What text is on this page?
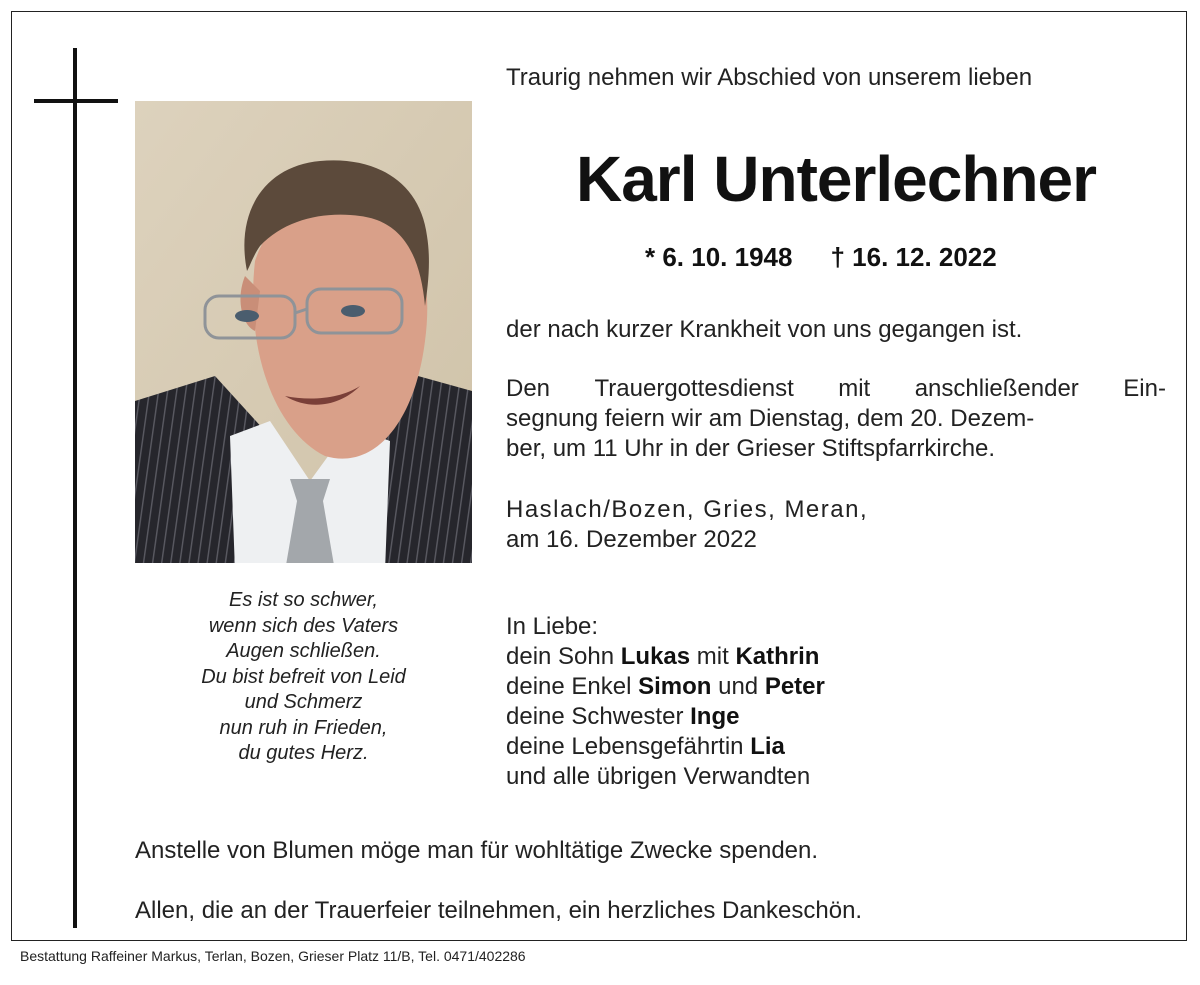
Es ist so schwer,
wenn sich des Vaters
Augen schließen.
Du bist befreit von Leid
und Schmerz
nun ruh in Frieden,
du gutes Herz.
Traurig nehmen wir Abschied von unserem lieben
Karl Unterlechner
* 6. 10. 1948 † 16. 12. 2022
der nach kurzer Krankheit von uns gegangen ist.
Den Trauergottesdienst mit anschließender Ein-
segnung feiern wir am Dienstag, dem 20. Dezem-
ber, um 11 Uhr in der Grieser Stiftspfarrkirche.
Haslach/Bozen, Gries, Meran,
am 16. Dezember 2022
In Liebe:
dein Sohn Lukas mit Kathrin
deine Enkel Simon und Peter
deine Schwester Inge
deine Lebensgefährtin Lia
und alle übrigen Verwandten
Anstelle von Blumen möge man für wohltätige Zwecke spenden.
Allen, die an der Trauerfeier teilnehmen, ein herzliches Dankeschön.
Bestattung Raffeiner Markus, Terlan, Bozen, Grieser Platz 11/B, Tel. 0471/402286
